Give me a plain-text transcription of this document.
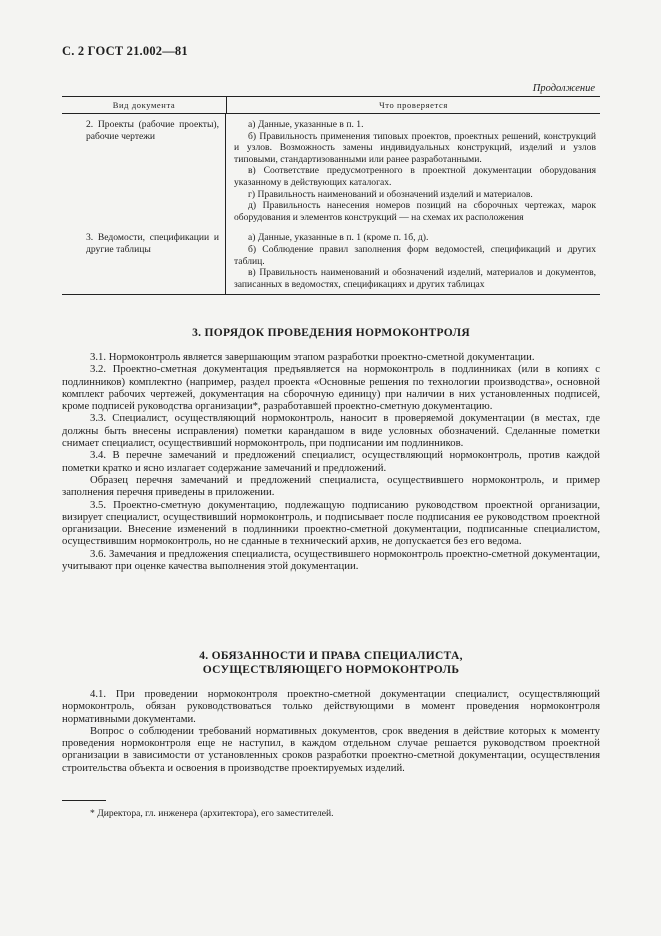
С. 2 ГОСТ 21.002—81
Продолжение
Вид документа	Что проверяется
2. Проекты (рабочие проекты), рабочие чертежи

а) Данные, указанные в п. 1.

б) Правильность применения типовых проектов, проектных решений, конструкций и узлов. Возможность замены индивидуальных конструкций, изделий и узлов типовыми, стандартизованными или ранее разработанными.

в) Соответствие предусмотренного в проектной документации оборудования указанному в действующих каталогах.

г) Правильность наименований и обозначений изделий и материалов.

д) Правильность нанесения номеров позиций на сборочных чертежах, марок оборудования и элементов конструкций — на схемах их расположения

3. Ведомости, спецификации и другие таблицы

а) Данные, указанные в п. 1 (кроме п. 1б, д).

б) Соблюдение правил заполнения форм ведомостей, спецификаций и других таблиц.

в) Правильность наименований и обозначений изделий, материалов и документов, записанных в ведомостях, спецификациях и других таблицах

3. ПОРЯДОК ПРОВЕДЕНИЯ НОРМОКОНТРОЛЯ

3.1. Нормоконтроль является завершающим этапом разработки проектно-сметной документации.

3.2. Проектно-сметная документация предъявляется на нормоконтроль в подлинниках (или в копиях с подлинников) комплектно (например, раздел проекта «Основные решения по технологии производства», основной комплект рабочих чертежей, документация на сборочную единицу) при наличии в них установленных подписей, кроме подписей руководства организации*, разработавшей проектно-сметную документацию.

3.3. Специалист, осуществляющий нормоконтроль, наносит в проверяемой документации (в местах, где должны быть внесены исправления) пометки карандашом в виде условных обозначений. Сделанные пометки снимает специалист, осуществивший нормоконтроль, при подписании им подлинников.

3.4. В перечне замечаний и предложений специалист, осуществляющий нормоконтроль, против каждой пометки кратко и ясно излагает содержание замечаний и предложений.

Образец перечня замечаний и предложений специалиста, осуществившего нормоконтроль, и пример заполнения перечня приведены в приложении.

3.5. Проектно-сметную документацию, подлежащую подписанию руководством проектной организации, визирует специалист, осуществивший нормоконтроль, и подписывает после подписания ее руководством проектной организации. Внесение изменений в подлинники проектно-сметной документации, подписанные специалистом, осуществившим нормоконтроль, но не сданные в технический архив, не допускается без его ведома.

3.6. Замечания и предложения специалиста, осуществившего нормоконтроль проектно-сметной документации, учитывают при оценке качества выполнения этой документации.

4. ОБЯЗАННОСТИ И ПРАВА СПЕЦИАЛИСТА,
ОСУЩЕСТВЛЯЮЩЕГО НОРМОКОНТРОЛЬ

4.1. При проведении нормоконтроля проектно-сметной документации специалист, осуществляющий нормоконтроль, обязан руководствоваться только действующими в момент проведения нормоконтроля нормативными документами.

Вопрос о соблюдении требований нормативных документов, срок введения в действие которых к моменту проведения нормоконтроля еще не наступил, в каждом отдельном случае решается руководством проектной организации в зависимости от установленных сроков разработки проектно-сметной документации, осуществления строительства объекта и освоения в производстве проектируемых изделий.

* Директора, гл. инженера (архитектора), его заместителей.
